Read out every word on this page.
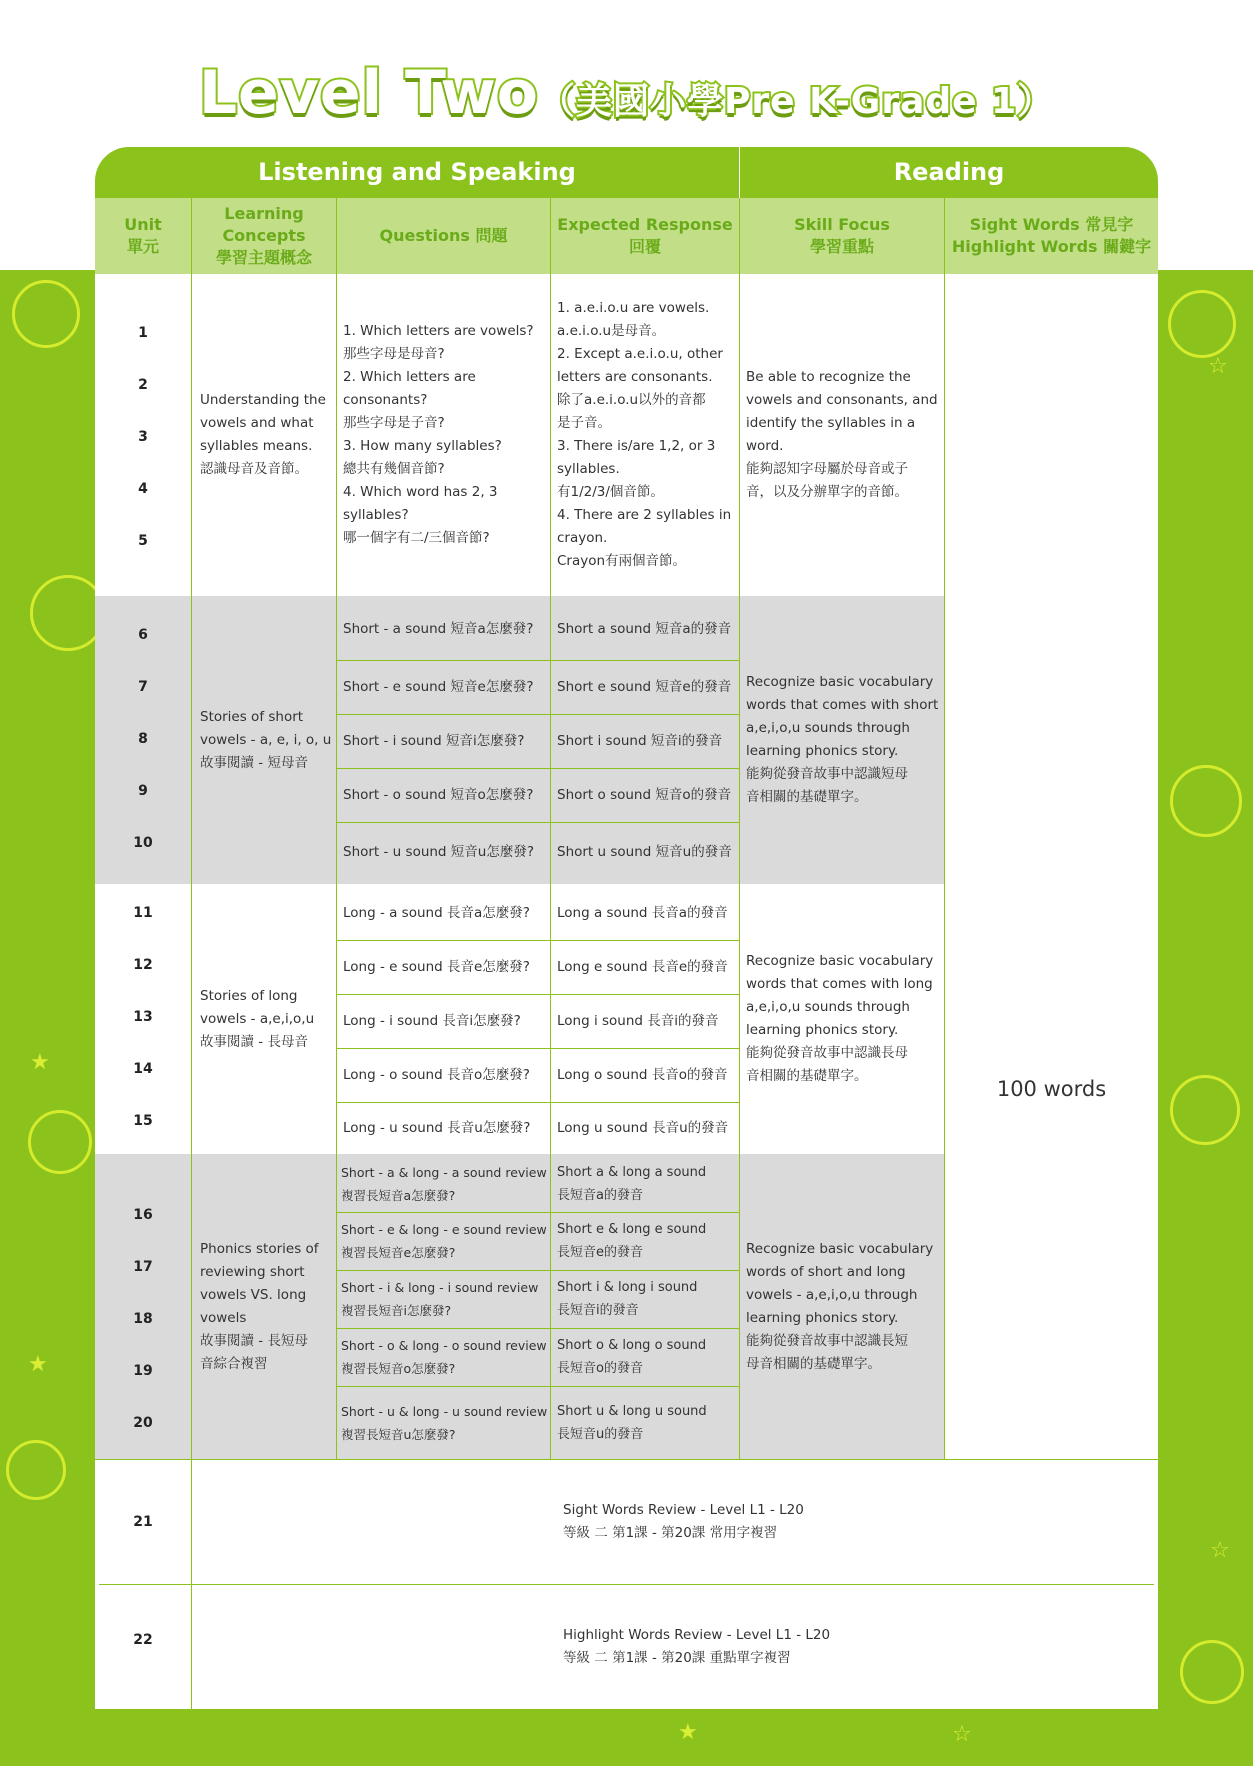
★
★
☆
☆
★	☆
Level Two（美國小學Pre K-Grade 1）
Listening and Speaking	Reading
Unit
單元
Learning
Concepts
學習主題概念
Questions 問題
Expected Response
回覆
Skill Focus
學習重點
Sight Words 常見字
Highlight Words 關鍵字
1
2
3
4
5
6
7
8
9
10
11
12
13
14
15
16
17
18
19
20
21
22
Understanding the
vowels and what
syllables means.
認識母音及音節。
1. Which letters are vowels?
那些字母是母音?
2. Which letters are consonants?
那些字母是子音?
3. How many syllables?
總共有幾個音節?
4. Which word has 2, 3
syllables?
哪一個字有二/三個音節?
1. a.e.i.o.u are vowels.
a.e.i.o.u是母音。
2. Except a.e.i.o.u, other
letters are consonants.
除了a.e.i.o.u以外的音都
是子音。
3. There is/are 1,2, or 3
syllables.
有1/2/3/個音節。
4. There are 2 syllables in
crayon.
Crayon有兩個音節。
Be able to recognize the
vowels and consonants, and
identify the syllables in a
word.
能夠認知字母屬於母音或子
音，以及分辦單字的音節。
Stories of short
vowels - a, e, i, o, u
故事閱讀 - 短母音
Short - a sound 短音a怎麼發?
Short - e sound 短音e怎麼發?
Short - i sound 短音i怎麼發?
Short - o sound 短音o怎麼發?
Short - u sound 短音u怎麼發?
Short a sound 短音a的發音
Short e sound 短音e的發音
Short i sound 短音i的發音
Short o sound 短音o的發音
Short u sound 短音u的發音
Recognize basic vocabulary
words that comes with short
a,e,i,o,u sounds through
learning phonics story.
能夠從發音故事中認識短母
音相關的基礎單字。
Stories of long
vowels - a,e,i,o,u
故事閱讀 - 長母音
Long - a sound 長音a怎麼發?
Long - e sound 長音e怎麼發?
Long - i sound 長音i怎麼發?
Long - o sound 長音o怎麼發?
Long - u sound 長音u怎麼發?
Long a sound 長音a的發音
Long e sound 長音e的發音
Long i sound 長音i的發音
Long o sound 長音o的發音
Long u sound 長音u的發音
Recognize basic vocabulary
words that comes with long
a,e,i,o,u sounds through
learning phonics story.
能夠從發音故事中認識長母
音相關的基礎單字。
Phonics stories of
reviewing short
vowels VS. long
vowels
故事閱讀 - 長短母
音綜合複習
Short - a & long - a sound review
複習長短音a怎麼發?
Short - e & long - e sound review
複習長短音e怎麼發?
Short - i & long - i sound review
複習長短音i怎麼發?
Short - o & long - o sound review
複習長短音o怎麼發?
Short - u & long - u sound review
複習長短音u怎麼發?
Short a & long a sound
長短音a的發音
Short e & long e sound
長短音e的發音
Short i & long i sound
長短音i的發音
Short o & long o sound
長短音o的發音
Short u & long u sound
長短音u的發音
Recognize basic vocabulary
words of short and long
vowels - a,e,i,o,u through
learning phonics story.
能夠從發音故事中認識長短
母音相關的基礎單字。
100 words
Sight Words Review - Level L1 - L20
等級 二 第1課 - 第20課 常用字複習
Highlight Words Review - Level L1 - L20
等級 二 第1課 - 第20課 重點單字複習
